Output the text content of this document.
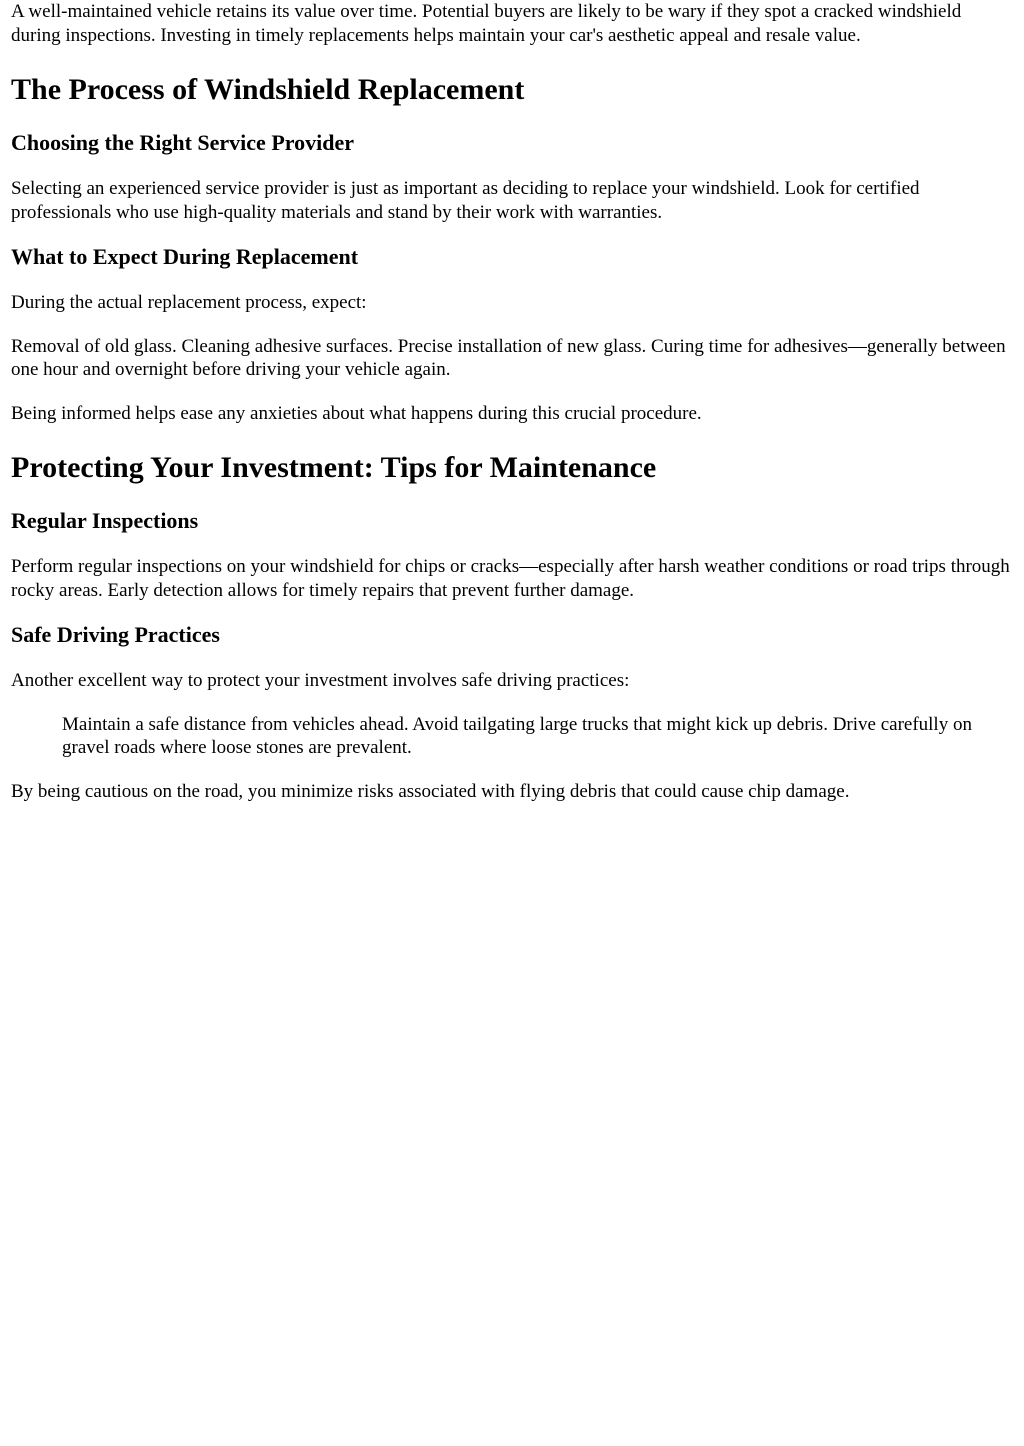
A well-maintained vehicle retains its value over time. Potential buyers are likely to be wary if they spot a cracked windshield during inspections. Investing in timely replacements helps maintain your car's aesthetic appeal and resale value.

The Process of Windshield Replacement
Choosing the Right Service Provider

Selecting an experienced service provider is just as important as deciding to replace your windshield. Look for certified professionals who use high-quality materials and stand by their work with warranties.

What to Expect During Replacement

During the actual replacement process, expect:

Removal of old glass. Cleaning adhesive surfaces. Precise installation of new glass. Curing time for adhesives—generally between one hour and overnight before driving your vehicle again.

Being informed helps ease any anxieties about what happens during this crucial procedure.

Protecting Your Investment: Tips for Maintenance
Regular Inspections

Perform regular inspections on your windshield for chips or cracks—especially after harsh weather conditions or road trips through rocky areas. Early detection allows for timely repairs that prevent further damage.

Safe Driving Practices

Another excellent way to protect your investment involves safe driving practices:

Maintain a safe distance from vehicles ahead. Avoid tailgating large trucks that might kick up debris. Drive carefully on gravel roads where loose stones are prevalent.

By being cautious on the road, you minimize risks associated with flying debris that could cause chip damage.
